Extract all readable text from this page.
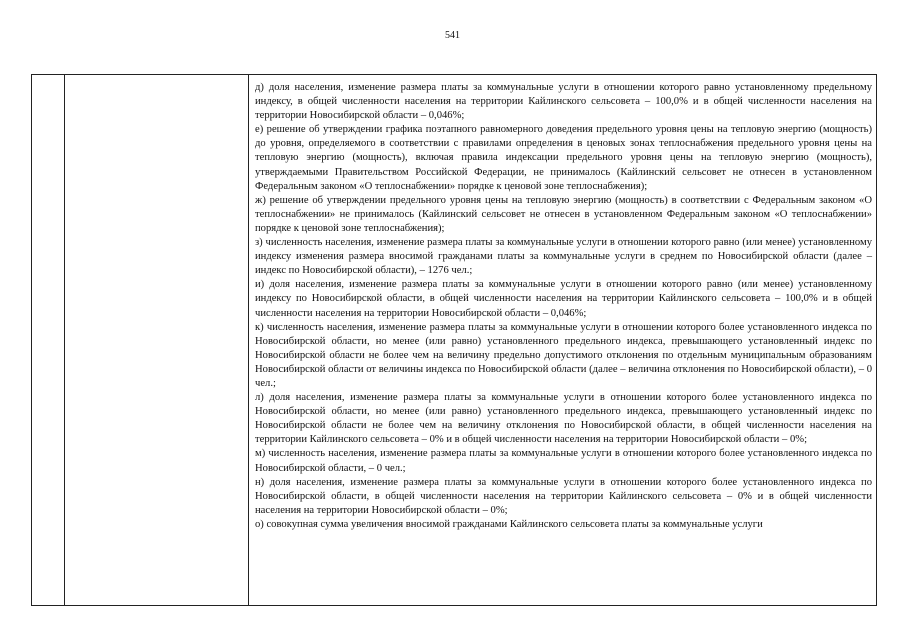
541

д) доля населения, изменение размера платы за коммунальные услуги в отношении которого равно установленному предельному индексу, в общей численности населения на территории Кайлинского сельсовета – 100,0% и в общей численности населения на территории Новосибирской области – 0,046%;

е) решение об утверждении графика поэтапного равномерного доведения предельного уровня цены на тепловую энергию (мощность) до уровня, определяемого в соответствии с правилами определения в ценовых зонах теплоснабжения предельного уровня цены на тепловую энергию (мощность), включая правила индексации предельного уровня цены на тепловую энергию (мощность), утверждаемыми Правительством Российской Федерации, не принималось (Кайлинский сельсовет не отнесен в установленном Федеральным законом «О теплоснабжении» порядке к ценовой зоне теплоснабжения);

ж) решение об утверждении предельного уровня цены на тепловую энергию (мощность) в соответствии с Федеральным законом «О теплоснабжении» не принималось (Кайлинский сельсовет не отнесен в установленном Федеральным законом «О теплоснабжении» порядке к ценовой зоне теплоснабжения);

з) численность населения, изменение размера платы за коммунальные услуги в отношении которого равно (или менее) установленному индексу изменения размера вносимой гражданами платы за коммунальные услуги в среднем по Новосибирской области (далее – индекс по Новосибирской области), – 1276 чел.;

и) доля населения, изменение размера платы за коммунальные услуги в отношении которого равно (или менее) установленному индексу по Новосибирской области, в общей численности населения на территории Кайлинского сельсовета – 100,0% и в общей численности населения на территории Новосибирской области – 0,046%;

к) численность населения, изменение размера платы за коммунальные услуги в отношении которого более установленного индекса по Новосибирской области, но менее (или равно) установленного предельного индекса, превышающего установленный индекс по Новосибирской области не более чем на величину предельно допустимого отклонения по отдельным муниципальным образованиям Новосибирской области от величины индекса по Новосибирской области (далее – величина отклонения по Новосибирской области), – 0 чел.;

л) доля населения, изменение размера платы за коммунальные услуги в отношении которого более установленного индекса по Новосибирской области, но менее (или равно) установленного предельного индекса, превышающего установленный индекс по Новосибирской области не более чем на величину отклонения по Новосибирской области, в общей численности населения на территории Кайлинского сельсовета – 0% и в общей численности населения на территории Новосибирской области – 0%;

м) численность населения, изменение размера платы за коммунальные услуги в отношении которого более установленного индекса по Новосибирской области, – 0 чел.;

н) доля населения, изменение размера платы за коммунальные услуги в отношении которого более установленного индекса по Новосибирской области, в общей численности населения на территории Кайлинского сельсовета – 0% и в общей численности населения на территории Новосибирской области – 0%;

о) совокупная сумма увеличения вносимой гражданами Кайлинского сельсовета платы за коммунальные услуги
